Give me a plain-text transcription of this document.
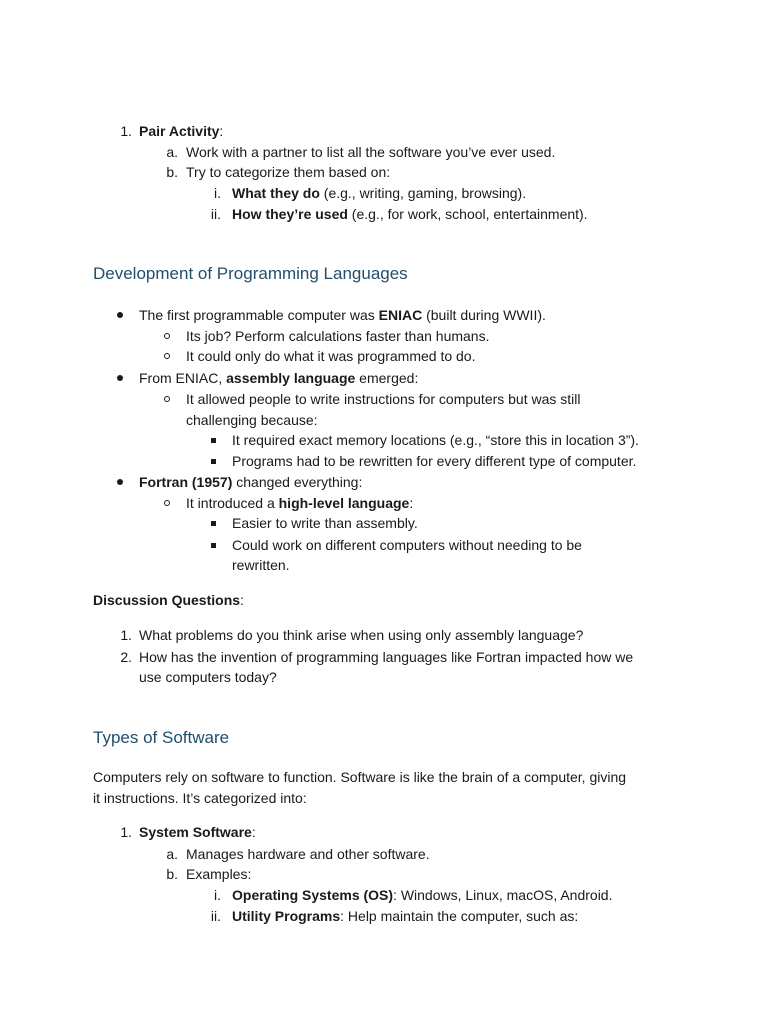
1. Pair Activity:
a. Work with a partner to list all the software you’ve ever used.
b. Try to categorize them based on:
i. What they do (e.g., writing, gaming, browsing).
ii. How they’re used (e.g., for work, school, entertainment).
Development of Programming Languages
The first programmable computer was ENIAC (built during WWII).
Its job? Perform calculations faster than humans.
It could only do what it was programmed to do.
From ENIAC, assembly language emerged:
It allowed people to write instructions for computers but was still
challenging because:
It required exact memory locations (e.g., “store this in location 3”).
Programs had to be rewritten for every different type of computer.
Fortran (1957) changed everything:
It introduced a high-level language:
Easier to write than assembly.
Could work on different computers without needing to be
rewritten.
Discussion Questions:
1. What problems do you think arise when using only assembly language?
2. How has the invention of programming languages like Fortran impacted how we
use computers today?
Types of Software
Computers rely on software to function. Software is like the brain of a computer, giving
it instructions. It’s categorized into:
1. System Software:
a. Manages hardware and other software.
b. Examples:
i. Operating Systems (OS): Windows, Linux, macOS, Android.
ii. Utility Programs: Help maintain the computer, such as:
